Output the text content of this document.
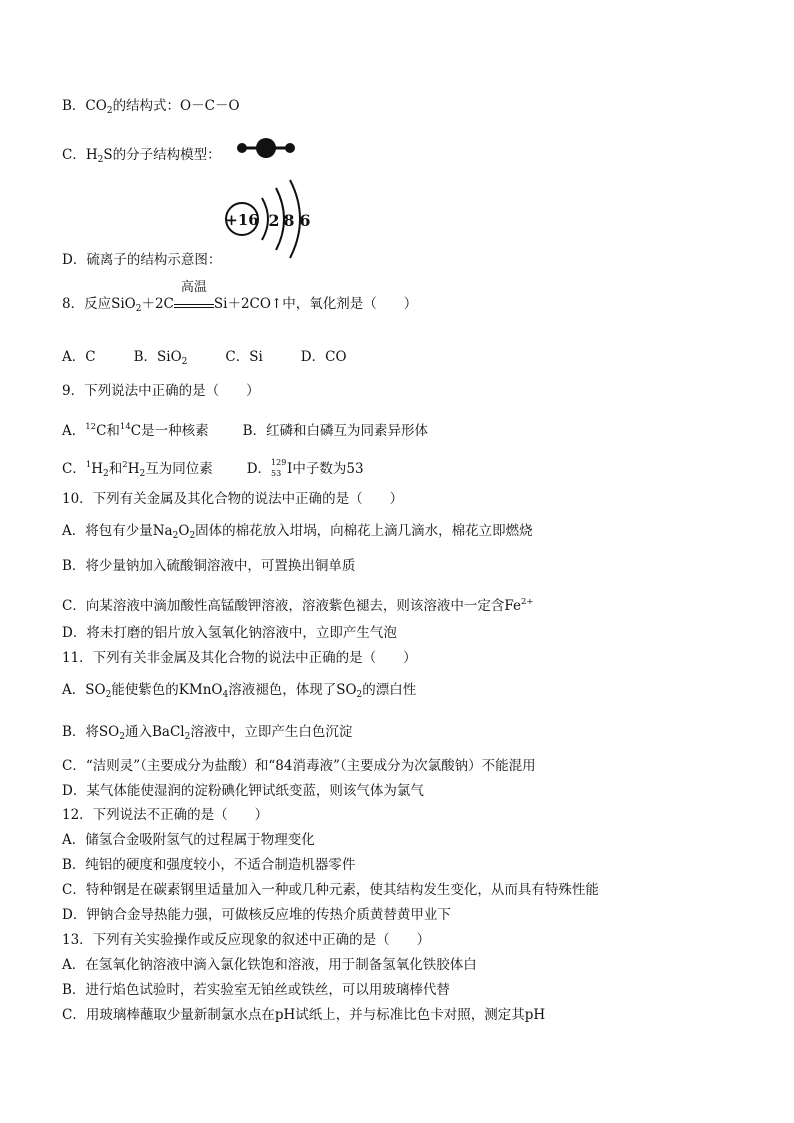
B．$CO_2$的结构式：O－C－O
C．$H_2S$的分子结构模型：
+16 2 8 6
D．硫离子的结构示意图：
8．反应SiO$_2$＋2C
高温
Si＋2CO↑中，氧化剂是（　　）
A．C	B．SiO$_2$	C．Si	D．CO
9．下列说法中正确的是（　　）
A．$^{12}$C和$^{14}$C是一种核素	B．红磷和白磷互为同素异形体
C．$^1H_2$和$^2H_2$互为同位素	D． 129
53 I中子数为53
10．下列有关金属及其化合物的说法中正确的是（　　）
A．将包有少量$Na_2O_2$固体的棉花放入坩埚，向棉花上滴几滴水，棉花立即燃烧
B．将少量钠加入硫酸铜溶液中，可置换出铜单质
C．向某溶液中滴加酸性高锰酸钾溶液，溶液紫色褪去，则该溶液中一定含$Fe^{2+}$
D．将未打磨的铝片放入氢氧化钠溶液中，立即产生气泡
11．下列有关非金属及其化合物的说法中正确的是（　　）
A．$SO_2$能使紫色的KMnO$_4$溶液褪色，体现了$SO_2$的漂白性
B．将$SO_2$通入BaCl$_2$溶液中，立即产生白色沉淀
C．“洁则灵”（主要成分为盐酸）和“84消毒液”（主要成分为次氯酸钠）不能混用
D．某气体能使湿润的淀粉碘化钾试纸变蓝，则该气体为氯气
12．下列说法不正确的是（　　）
A．储氢合金吸附氢气的过程属于物理变化
B．纯铝的硬度和强度较小，不适合制造机器零件
C．特种钢是在碳素钢里适量加入一种或几种元素，使其结构发生变化，从而具有特殊性能
D．钾钠合金导热能力强，可做核反应堆的传热介质黄替黄甲业下
13．下列有关实验操作或反应现象的叙述中正确的是（　　）
A．在氢氧化钠溶液中滴入氯化铁饱和溶液，用于制备氢氧化铁胶体白
B．进行焰色试验时，若实验室无铂丝或铁丝，可以用玻璃棒代替
C．用玻璃棒蘸取少量新制氯水点在pH试纸上，并与标准比色卡对照，测定其pH
